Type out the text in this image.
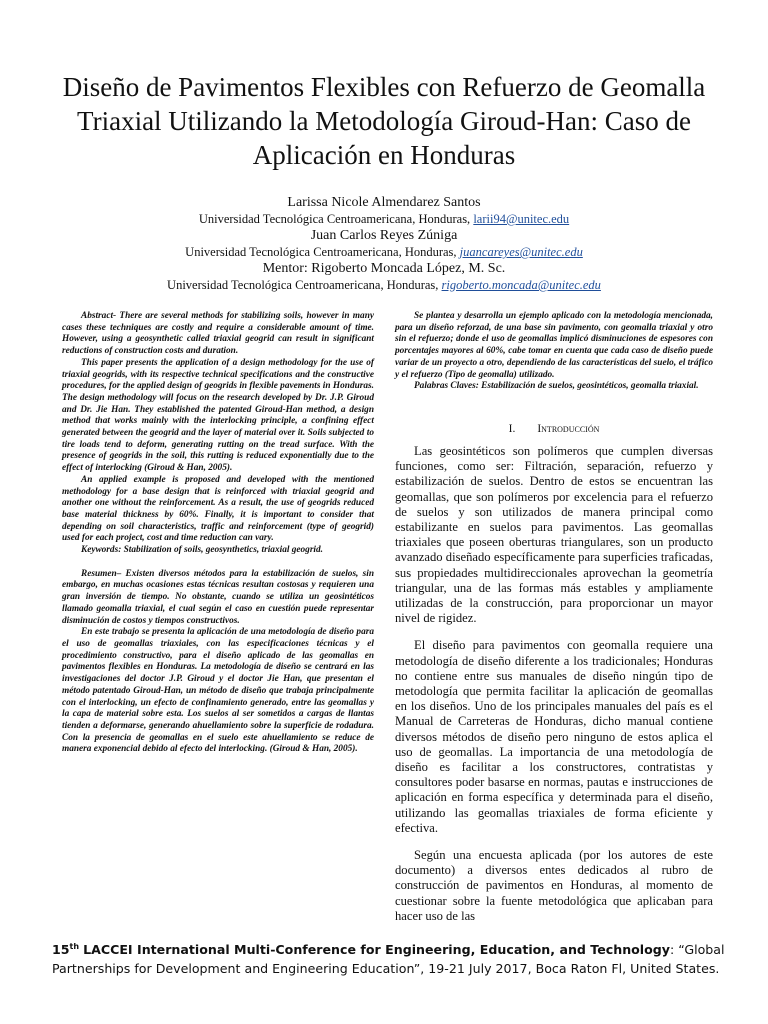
Diseño de Pavimentos Flexibles con Refuerzo de Geomalla Triaxial Utilizando la Metodología Giroud-Han: Caso de Aplicación en Honduras
Larissa Nicole Almendarez Santos
Universidad Tecnológica Centroamericana, Honduras, larii94@unitec.edu
Juan Carlos Reyes Zúniga
Universidad Tecnológica Centroamericana, Honduras, juancareyes@unitec.edu
Mentor: Rigoberto Moncada López, M. Sc.
Universidad Tecnológica Centroamericana, Honduras, rigoberto.moncada@unitec.edu

Abstract- There are several methods for stabilizing soils, however in many cases these techniques are costly and require a considerable amount of time. However, using a geosynthetic called triaxial geogrid can result in significant reductions of construction costs and duration.

This paper presents the application of a design methodology for the use of triaxial geogrids, with its respective technical specifications and the constructive procedures, for the applied design of geogrids in flexible pavements in Honduras. The design methodology will focus on the research developed by Dr. J.P. Giroud and Dr. Jie Han. They established the patented Giroud-Han method, a design method that works mainly with the interlocking principle, a confining effect generated between the geogrid and the layer of material over it. Soils subjected to tire loads tend to deform, generating rutting on the tread surface. With the presence of geogrids in the soil, this rutting is reduced exponentially due to the effect of interlocking (Giroud & Han, 2005).

An applied example is proposed and developed with the mentioned methodology for a base design that is reinforced with triaxial geogrid and another one without the reinforcement. As a result, the use of geogrids reduced base material thickness by 60%. Finally, it is important to consider that depending on soil characteristics, traffic and reinforcement (type of geogrid) used for each project, cost and time reduction can vary.

Keywords: Stabilization of soils, geosynthetics, triaxial geogrid.

Resumen– Existen diversos métodos para la estabilización de suelos, sin embargo, en muchas ocasiones estas técnicas resultan costosas y requieren una gran inversión de tiempo. No obstante, cuando se utiliza un geosintéticos llamado geomalla triaxial, el cual según el caso en cuestión puede representar disminución de costos y tiempos constructivos.

En este trabajo se presenta la aplicación de una metodología de diseño para el uso de geomallas triaxiales, con las especificaciones técnicas y el procedimiento constructivo, para el diseño aplicado de las geomallas en pavimentos flexibles en Honduras. La metodología de diseño se centrará en las investigaciones del doctor J.P. Giroud y el doctor Jie Han, que presentan el método patentado Giroud-Han, un método de diseño que trabaja principalmente con el interlocking, un efecto de confinamiento generado, entre las geomallas y la capa de material sobre esta. Los suelos al ser sometidos a cargas de llantas tienden a deformarse, generando ahuellamiento sobre la superficie de rodadura. Con la presencia de geomallas en el suelo este ahuellamiento se reduce de manera exponencial debido al efecto del interlocking. (Giroud & Han, 2005).

Se plantea y desarrolla un ejemplo aplicado con la metodología mencionada, para un diseño reforzad, de una base sin pavimento, con geomalla triaxial y otro sin el refuerzo; donde el uso de geomallas implicó disminuciones de espesores con porcentajes mayores al 60%, cabe tomar en cuenta que cada caso de diseño puede variar de un proyecto a otro, dependiendo de las características del suelo, el tráfico y el refuerzo (Tipo de geomalla) utilizado.

Palabras Claves: Estabilización de suelos, geosintéticos, geomalla triaxial.

I. Introducción

Las geosintéticos son polímeros que cumplen diversas funciones, como ser: Filtración, separación, refuerzo y estabilización de suelos. Dentro de estos se encuentran las geomallas, que son polímeros por excelencia para el refuerzo de suelos y son utilizados de manera principal como estabilizante en suelos para pavimentos. Las geomallas triaxiales que poseen oberturas triangulares, son un producto avanzado diseñado específicamente para superficies traficadas, sus propiedades multidireccionales aprovechan la geometría triangular, una de las formas más estables y ampliamente utilizadas de la construcción, para proporcionar un mayor nivel de rigidez.

El diseño para pavimentos con geomalla requiere una metodología de diseño diferente a los tradicionales; Honduras no contiene entre sus manuales de diseño ningún tipo de metodología que permita facilitar la aplicación de geomallas en los diseños. Uno de los principales manuales del país es el Manual de Carreteras de Honduras, dicho manual contiene diversos métodos de diseño pero ninguno de estos aplica el uso de geomallas. La importancia de una metodología de diseño es facilitar a los constructores, contratistas y consultores poder basarse en normas, pautas e instrucciones de aplicación en forma específica y determinada para el diseño, utilizando las geomallas triaxiales de forma eficiente y efectiva.

Según una encuesta aplicada (por los autores de este documento) a diversos entes dedicados al rubro de construcción de pavimentos en Honduras, al momento de cuestionar sobre la fuente metodológica que aplicaban para hacer uso de las

15th LACCEI International Multi-Conference for Engineering, Education, and Technology: “Global Partnerships for Development and Engineering Education”, 19-21 July 2017, Boca Raton Fl, United States.
